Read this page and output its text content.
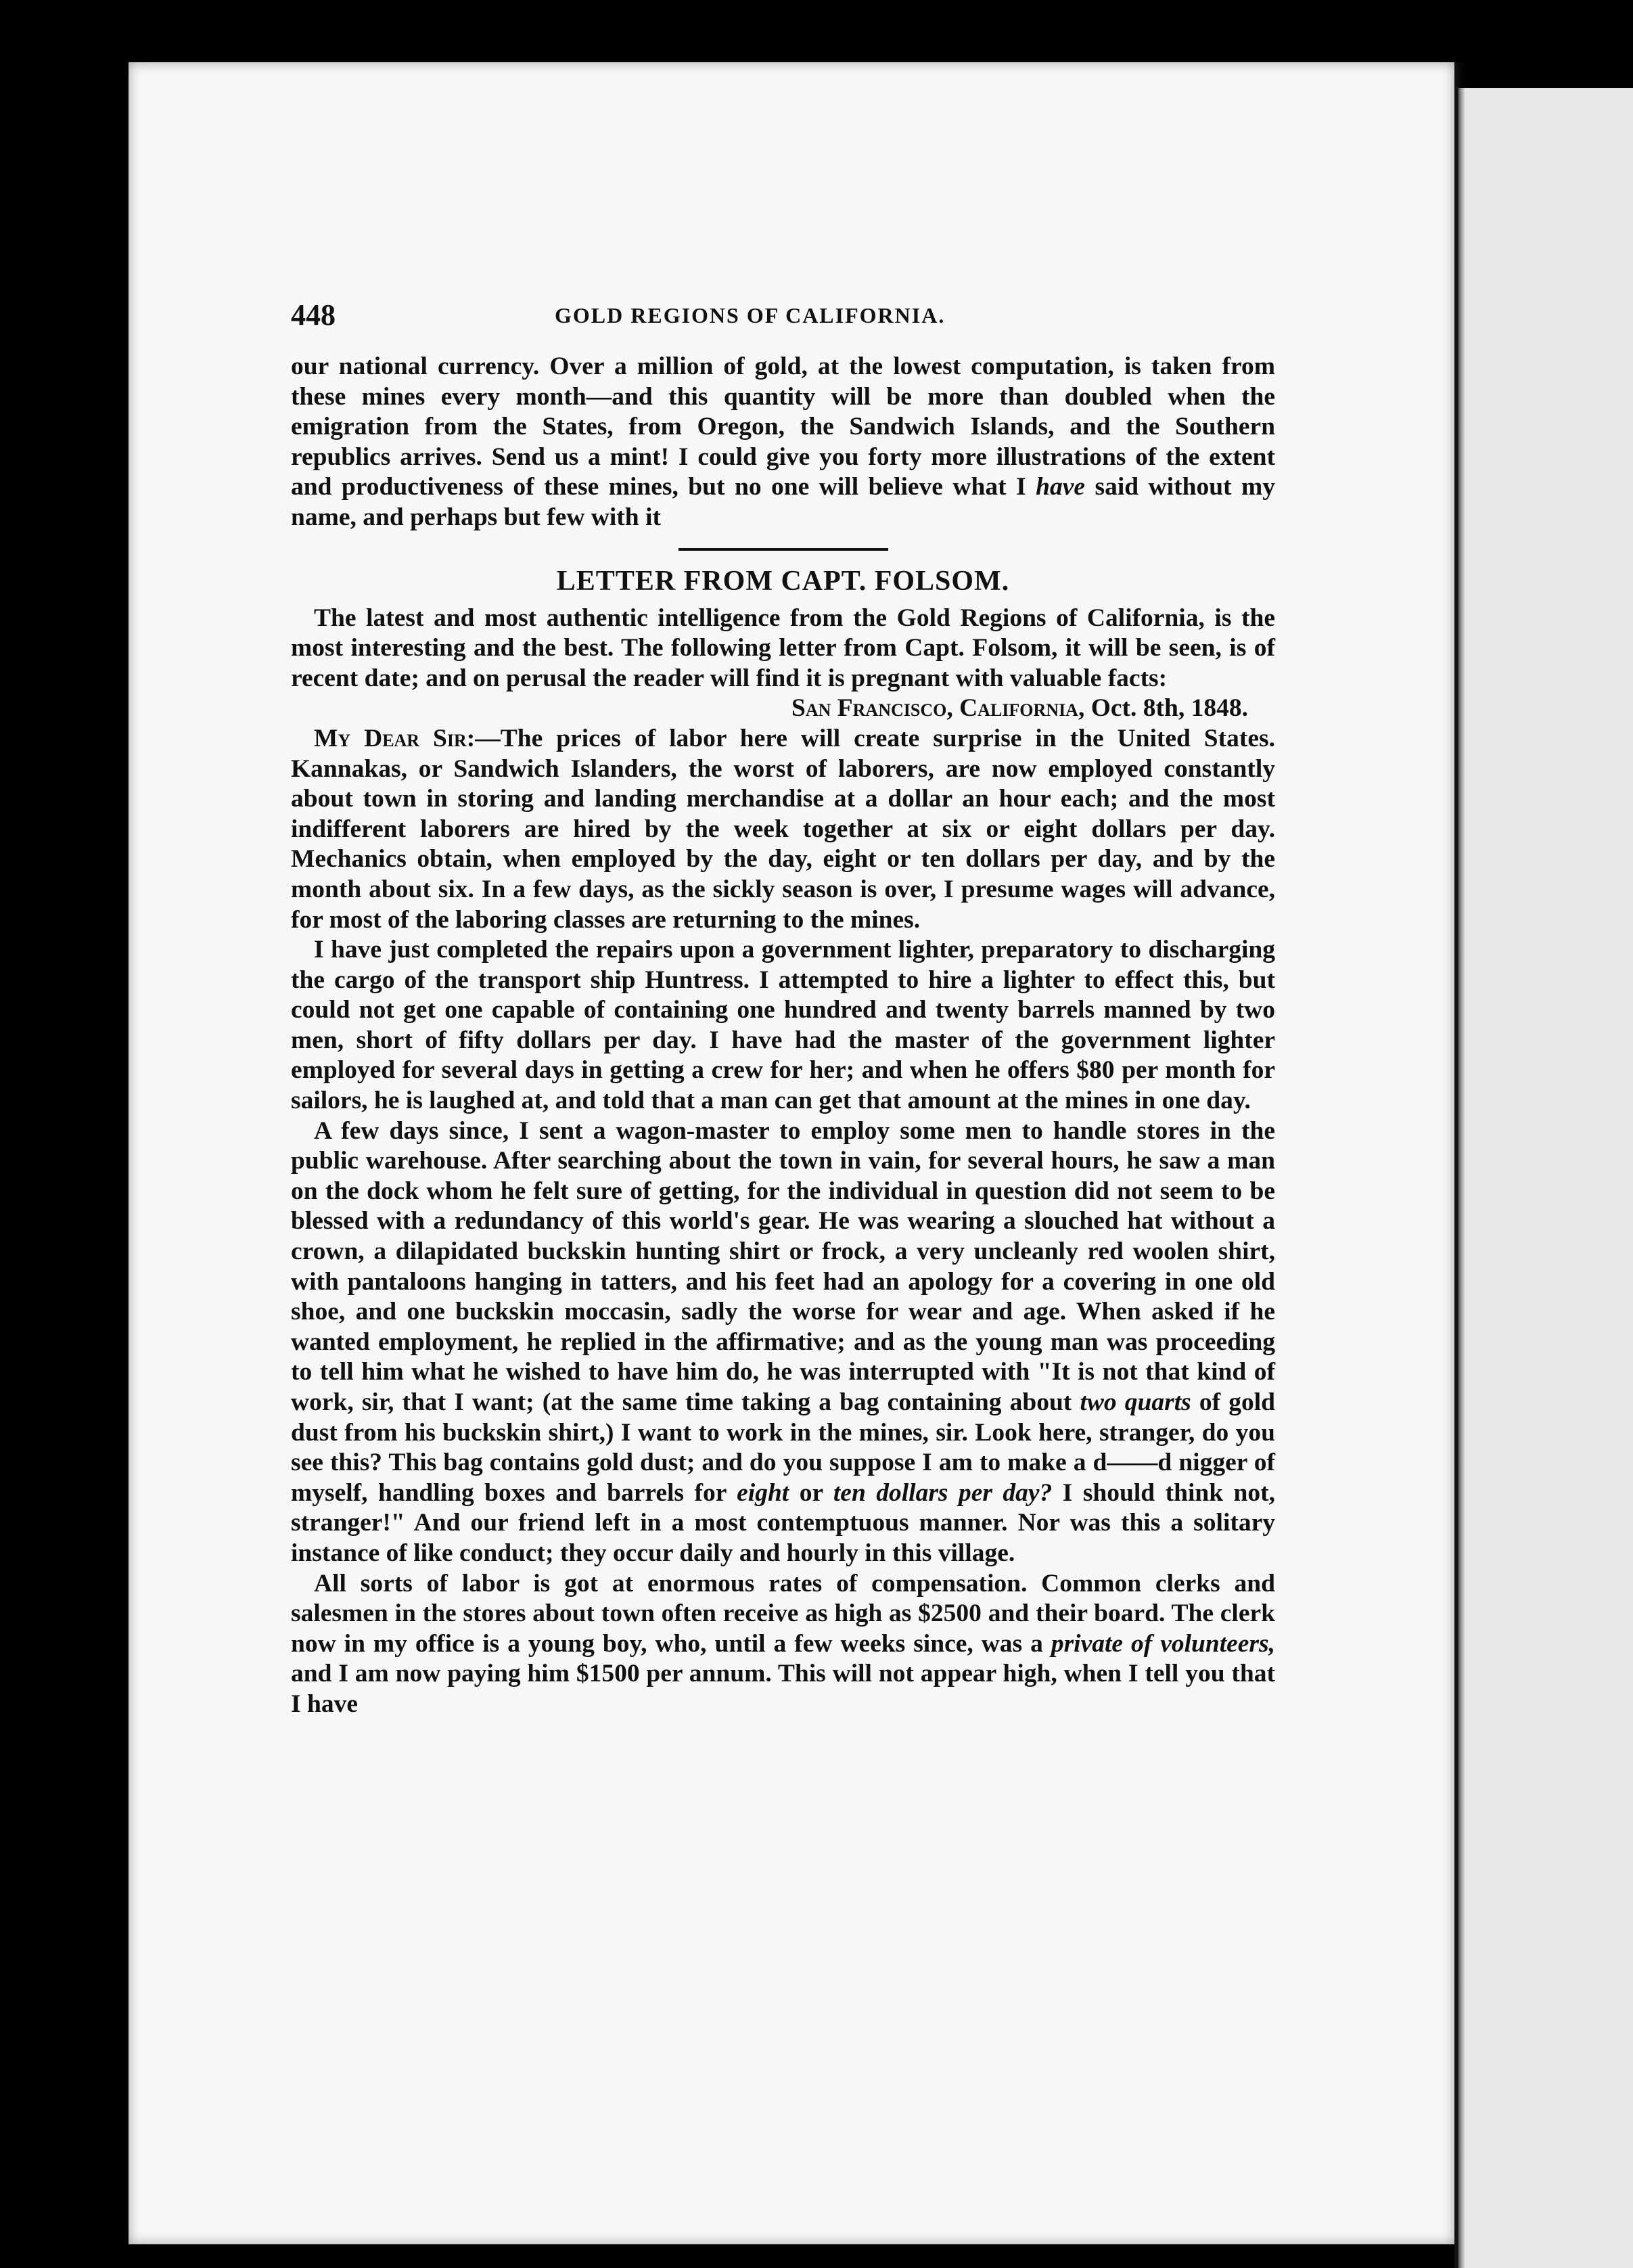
448	GOLD REGIONS OF CALIFORNIA.

our national currency. Over a million of gold, at the lowest computation, is taken from these mines every month—and this quantity will be more than doubled when the emigration from the States, from Oregon, the Sandwich Islands, and the Southern republics arrives. Send us a mint! I could give you forty more illustrations of the extent and productiveness of these mines, but no one will believe what I have said without my name, and perhaps but few with it

LETTER FROM CAPT. FOLSOM.

The latest and most authentic intelligence from the Gold Regions of California, is the most interesting and the best. The following letter from Capt. Folsom, it will be seen, is of recent date; and on perusal the reader will find it is pregnant with valuable facts:

San Francisco, California, Oct. 8th, 1848.

My Dear Sir:—The prices of labor here will create surprise in the United States. Kannakas, or Sandwich Islanders, the worst of laborers, are now employed constantly about town in storing and landing merchandise at a dollar an hour each; and the most indifferent laborers are hired by the week together at six or eight dollars per day. Mechanics obtain, when employed by the day, eight or ten dollars per day, and by the month about six. In a few days, as the sickly season is over, I presume wages will advance, for most of the laboring classes are returning to the mines.

I have just completed the repairs upon a government lighter, preparatory to discharging the cargo of the transport ship Huntress. I attempted to hire a lighter to effect this, but could not get one capable of containing one hundred and twenty barrels manned by two men, short of fifty dollars per day. I have had the master of the government lighter employed for several days in getting a crew for her; and when he offers $80 per month for sailors, he is laughed at, and told that a man can get that amount at the mines in one day.

A few days since, I sent a wagon-master to employ some men to handle stores in the public warehouse. After searching about the town in vain, for several hours, he saw a man on the dock whom he felt sure of getting, for the individual in question did not seem to be blessed with a redundancy of this world's gear. He was wearing a slouched hat without a crown, a dilapidated buckskin hunting shirt or frock, a very uncleanly red woolen shirt, with pantaloons hanging in tatters, and his feet had an apology for a covering in one old shoe, and one buckskin moccasin, sadly the worse for wear and age. When asked if he wanted employment, he replied in the affirmative; and as the young man was proceeding to tell him what he wished to have him do, he was interrupted with "It is not that kind of work, sir, that I want; (at the same time taking a bag containing about two quarts of gold dust from his buckskin shirt,) I want to work in the mines, sir. Look here, stranger, do you see this? This bag contains gold dust; and do you suppose I am to make a d——d nigger of myself, handling boxes and barrels for eight or ten dollars per day? I should think not, stranger!" And our friend left in a most contemptuous manner. Nor was this a solitary instance of like conduct; they occur daily and hourly in this village.

All sorts of labor is got at enormous rates of compensation. Common clerks and salesmen in the stores about town often receive as high as $2500 and their board. The clerk now in my office is a young boy, who, until a few weeks since, was a private of volunteers, and I am now paying him $1500 per annum. This will not appear high, when I tell you that I have
